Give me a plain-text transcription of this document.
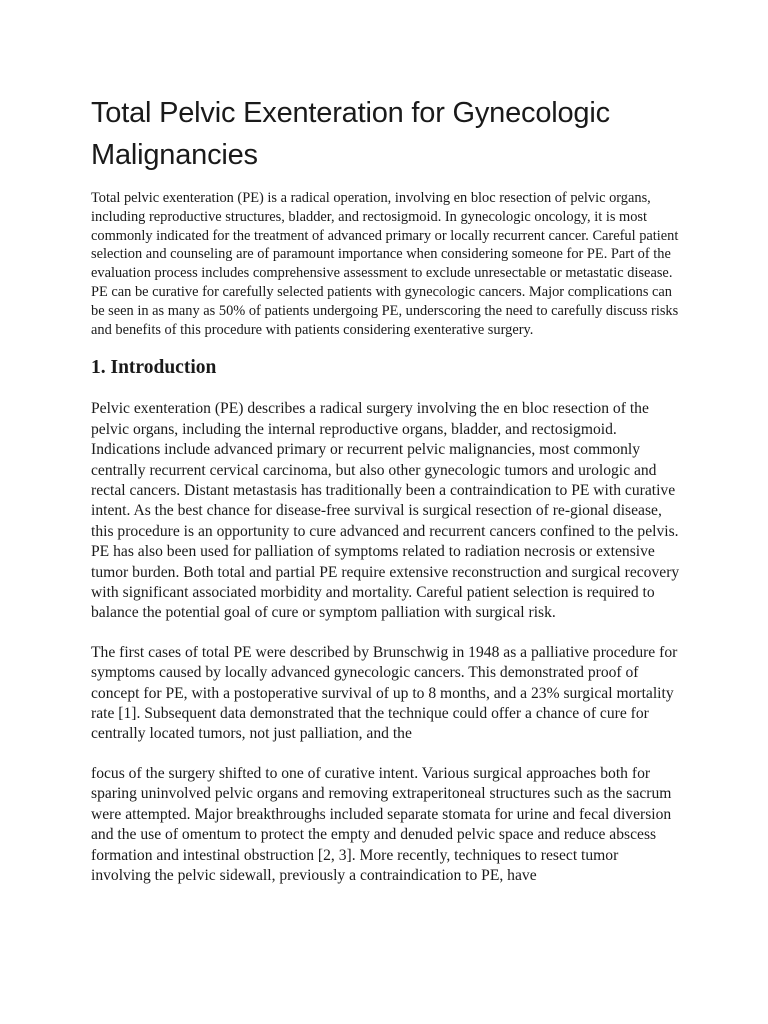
Total Pelvic Exenteration for Gynecologic Malignancies

Total pelvic exenteration (PE) is a radical operation, involving en bloc resection of pelvic organs, including reproductive structures, bladder, and rectosigmoid. In gynecologic oncology, it is most commonly indicated for the treatment of advanced primary or locally recurrent cancer. Careful patient selection and counseling are of paramount importance when considering someone for PE. Part of the evaluation process includes comprehensive assessment to exclude unresectable or metastatic disease. PE can be curative for carefully selected patients with gynecologic cancers. Major complications can be seen in as many as 50% of patients undergoing PE, underscoring the need to carefully discuss risks and benefits of this procedure with patients considering exenterative surgery.

1. Introduction

Pelvic exenteration (PE) describes a radical surgery involving the en bloc resection of the pelvic organs, including the internal reproductive organs, bladder, and rectosigmoid. Indications include advanced primary or recurrent pelvic malignancies, most commonly centrally recurrent cervical carcinoma, but also other gynecologic tumors and urologic and rectal cancers. Distant metastasis has traditionally been a contraindication to PE with curative intent. As the best chance for disease-free survival is surgical resection of re-gional disease, this procedure is an opportunity to cure advanced and recurrent cancers confined to the pelvis. PE has also been used for palliation of symptoms related to radiation necrosis or extensive tumor burden. Both total and partial PE require extensive reconstruction and surgical recovery with significant associated morbidity and mortality. Careful patient selection is required to balance the potential goal of cure or symptom palliation with surgical risk.

The first cases of total PE were described by Brunschwig in 1948 as a palliative procedure for symptoms caused by locally advanced gynecologic cancers. This demonstrated proof of concept for PE, with a postoperative survival of up to 8 months, and a 23% surgical mortality rate [1]. Subsequent data demonstrated that the technique could offer a chance of cure for centrally located tumors, not just palliation, and the

focus of the surgery shifted to one of curative intent. Various surgical approaches both for sparing uninvolved pelvic organs and removing extraperitoneal structures such as the sacrum were attempted. Major breakthroughs included separate stomata for urine and fecal diversion and the use of omentum to protect the empty and denuded pelvic space and reduce abscess formation and intestinal obstruction [2, 3]. More recently, techniques to resect tumor involving the pelvic sidewall, previously a contraindication to PE, have
